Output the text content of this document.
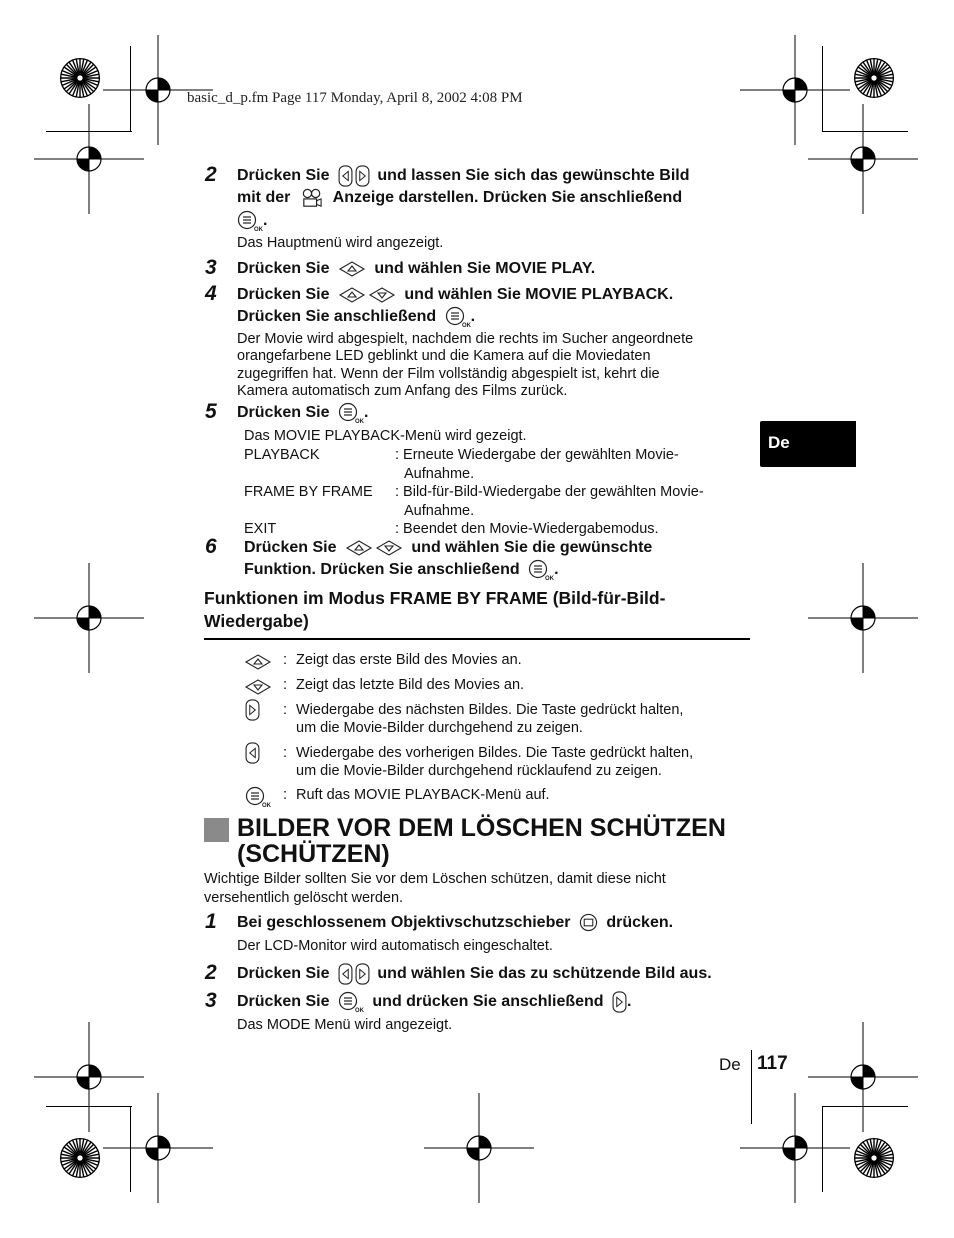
basic_d_p.fm Page 117 Monday, April 8, 2002 4:08 PM
De
2 Drücken Sie	und lassen Sie sich das gewünschte Bild
mit der	Anzeige darstellen. Drücken Sie anschließend
.
Das Hauptmenü wird angezeigt.
3 Drücken Sie	und wählen Sie MOVIE PLAY.
4 Drücken Sie	und wählen Sie MOVIE PLAYBACK.
Drücken Sie anschließend .
Der Movie wird abgespielt, nachdem die rechts im Sucher angeordnete
orangefarbene LED geblinkt und die Kamera auf die Moviedaten
zugegriffen hat. Wenn der Film vollständig abgespielt ist, kehrt die
Kamera automatisch zum Anfang des Films zurück.
5 Drücken Sie .
Das MOVIE PLAYBACK-Menü wird gezeigt.
PLAYBACK	: Erneute Wiedergabe der gewählten Movie-
Aufnahme.
FRAME BY FRAME : Bild-für-Bild-Wiedergabe der gewählten Movie-
Aufnahme.
EXIT	: Beendet den Movie-Wiedergabemodus.
6 Drücken Sie	und wählen Sie die gewünschte
Funktion. Drücken Sie anschließend .
Funktionen im Modus FRAME BY FRAME (Bild-für-Bild-
Wiedergabe)
: Zeigt das erste Bild des Movies an.
: Zeigt das letzte Bild des Movies an.
: Wiedergabe des nächsten Bildes. Die Taste gedrückt halten,
um die Movie-Bilder durchgehend zu zeigen.
: Wiedergabe des vorherigen Bildes. Die Taste gedrückt halten,
um die Movie-Bilder durchgehend rücklaufend zu zeigen.
: Ruft das MOVIE PLAYBACK-Menü auf.
BILDER VOR DEM LÖSCHEN SCHÜTZEN
(SCHÜTZEN)
Wichtige Bilder sollten Sie vor dem Löschen schützen, damit diese nicht
versehentlich gelöscht werden.
1 Bei geschlossenem Objektivschutzschieber drücken.
Der LCD-Monitor wird automatisch eingeschaltet.
2 Drücken Sie	und wählen Sie das zu schützende Bild aus.
3 Drücken Sie	und drücken Sie anschließend .
Das MODE Menü wird angezeigt.
De 117
